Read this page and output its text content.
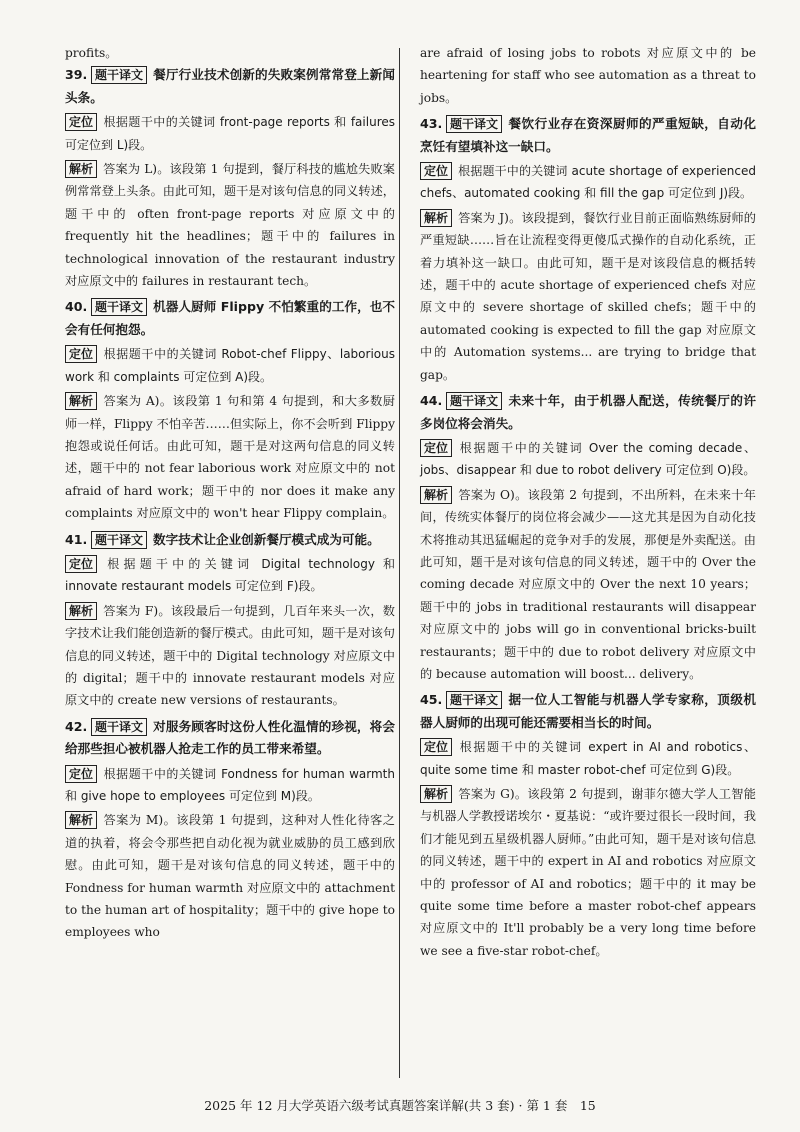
profits。
39. 题干译文 餐厅行业技术创新的失败案例常常登上新闻头条。
定位 根据题干中的关键词 front-page reports 和 failures 可定位到 L)段。
解析 答案为 L)。该段第 1 句提到，餐厅科技的尴尬失败案例常常登上头条。由此可知，题干是对该句信息的同义转述，题干中的 often front-page reports 对应原文中的 frequently hit the headlines；题干中的 failures in technological innovation of the restaurant industry 对应原文中的 failures in restaurant tech。
40. 题干译文 机器人厨师 Flippy 不怕繁重的工作，也不会有任何抱怨。
定位 根据题干中的关键词 Robot-chef Flippy、laborious work 和 complaints 可定位到 A)段。
解析 答案为 A)。该段第 1 句和第 4 句提到，和大多数厨师一样，Flippy 不怕辛苦……但实际上，你不会听到 Flippy 抱怨或说任何话。由此可知，题干是对这两句信息的同义转述，题干中的 not fear laborious work 对应原文中的 not afraid of hard work；题干中的 nor does it make any complaints 对应原文中的 won't hear Flippy complain。
41. 题干译文 数字技术让企业创新餐厅模式成为可能。
定位 根据题干中的关键词 Digital technology 和 innovate restaurant models 可定位到 F)段。
解析 答案为 F)。该段最后一句提到，几百年来头一次，数字技术让我们能创造新的餐厅模式。由此可知，题干是对该句信息的同义转述，题干中的 Digital technology 对应原文中的 digital；题干中的 innovate restaurant models 对应原文中的 create new versions of restaurants。
42. 题干译文 对服务顾客时这份人性化温情的珍视，将会给那些担心被机器人抢走工作的员工带来希望。
定位 根据题干中的关键词 Fondness for human warmth 和 give hope to employees 可定位到 M)段。
解析 答案为 M)。该段第 1 句提到，这种对人性化待客之道的执着，将会令那些把自动化视为就业威胁的员工感到欣慰。由此可知，题干是对该句信息的同义转述，题干中的 Fondness for human warmth 对应原文中的 attachment to the human art of hospitality；题干中的 give hope to employees who
are afraid of losing jobs to robots 对应原文中的 be heartening for staff who see automation as a threat to jobs。
43. 题干译文 餐饮行业存在资深厨师的严重短缺，自动化烹饪有望填补这一缺口。
定位 根据题干中的关键词 acute shortage of experienced chefs、automated cooking 和 fill the gap 可定位到 J)段。
解析 答案为 J)。该段提到，餐饮行业目前正面临熟练厨师的严重短缺……旨在让流程变得更傻瓜式操作的自动化系统，正着力填补这一缺口。由此可知，题干是对该段信息的概括转述，题干中的 acute shortage of experienced chefs 对应原文中的 severe shortage of skilled chefs；题干中的 automated cooking is expected to fill the gap 对应原文中的 Automation systems... are trying to bridge that gap。
44. 题干译文 未来十年，由于机器人配送，传统餐厅的许多岗位将会消失。
定位 根据题干中的关键词 Over the coming decade、jobs、disappear 和 due to robot delivery 可定位到 O)段。
解析 答案为 O)。该段第 2 句提到，不出所料，在未来十年间，传统实体餐厅的岗位将会减少——这尤其是因为自动化技术将推动其迅猛崛起的竞争对手的发展，那便是外卖配送。由此可知，题干是对该句信息的同义转述，题干中的 Over the coming decade 对应原文中的 Over the next 10 years；题干中的 jobs in traditional restaurants will disappear 对应原文中的 jobs will go in conventional bricks-built restaurants；题干中的 due to robot delivery 对应原文中的 because automation will boost... delivery。
45. 题干译文 据一位人工智能与机器人学专家称，顶级机器人厨师的出现可能还需要相当长的时间。
定位 根据题干中的关键词 expert in AI and robotics、quite some time 和 master robot-chef 可定位到 G)段。
解析 答案为 G)。该段第 2 句提到，谢菲尔德大学人工智能与机器人学教授诺埃尔・夏基说：“或许要过很长一段时间，我们才能见到五星级机器人厨师。”由此可知，题干是对该句信息的同义转述，题干中的 expert in AI and robotics 对应原文中的 professor of AI and robotics；题干中的 it may be quite some time before a master robot-chef appears 对应原文中的 It'll probably be a very long time before we see a five-star robot-chef。
2025 年 12 月大学英语六级考试真题答案详解(共 3 套) · 第 1 套　15
